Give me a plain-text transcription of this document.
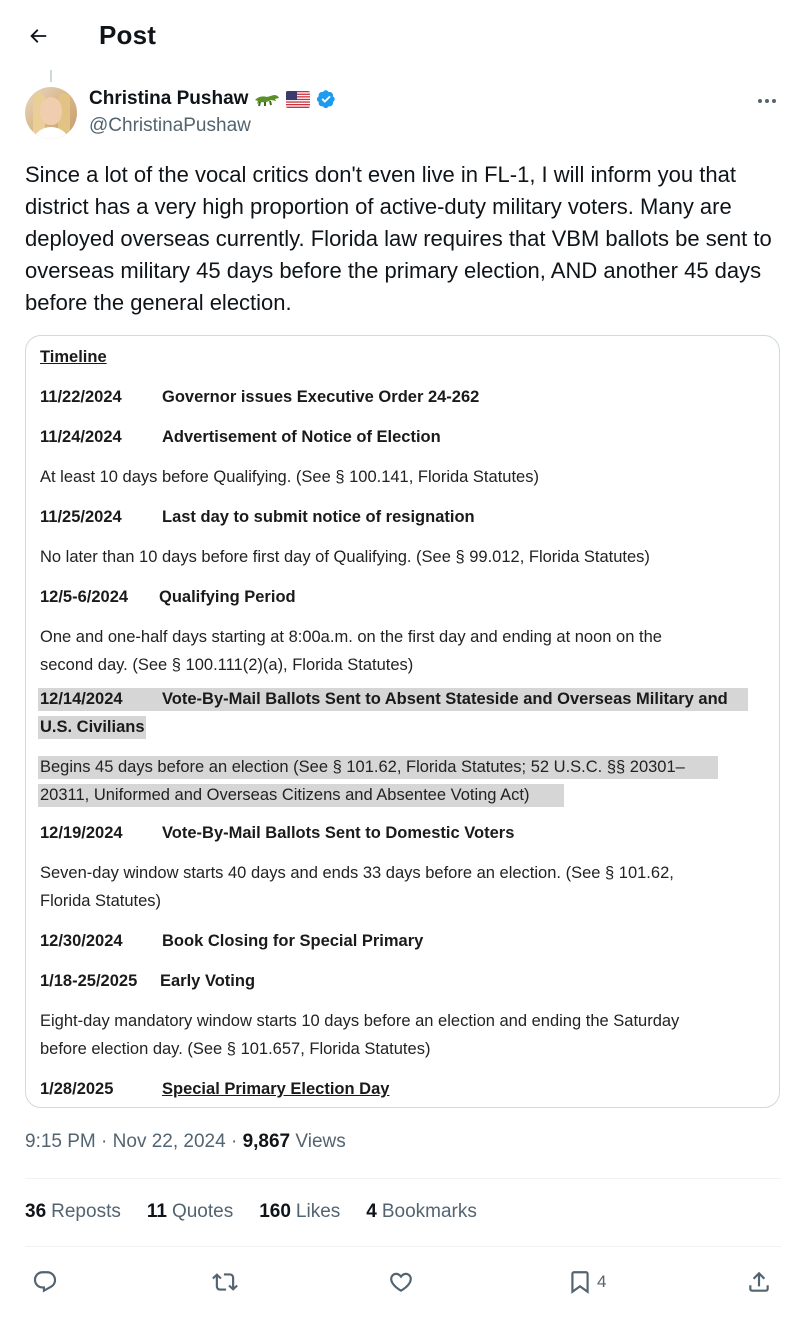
Post
Christina Pushaw
@ChristinaPushaw
Since a lot of the vocal critics don't even live in FL-1, I will inform you that district has a very high proportion of active-duty military voters. Many are deployed overseas currently. Florida law requires that VBM ballots be sent to overseas military 45 days before the primary election, AND another 45 days before the general election.
Timeline
11/22/2024 Governor issues Executive Order 24-262
11/24/2024 Advertisement of Notice of Election
At least 10 days before Qualifying. (See § 100.141, Florida Statutes)
11/25/2024 Last day to submit notice of resignation
No later than 10 days before first day of Qualifying. (See § 99.012, Florida Statutes)
12/5-6/2024 Qualifying Period
One and one-half days starting at 8:00a.m. on the first day and ending at noon on the
second day. (See § 100.111(2)(a), Florida Statutes)
12/14/2024 Vote-By-Mail Ballots Sent to Absent Stateside and Overseas Military and
U.S. Civilians
Begins 45 days before an election (See § 101.62, Florida Statutes; 52 U.S.C. §§ 20301–
20311, Uniformed and Overseas Citizens and Absentee Voting Act)
12/19/2024 Vote-By-Mail Ballots Sent to Domestic Voters
Seven-day window starts 40 days and ends 33 days before an election. (See § 101.62,
Florida Statutes)
12/30/2024 Book Closing for Special Primary
1/18-25/2025 Early Voting
Eight-day mandatory window starts 10 days before an election and ending the Saturday
before election day. (See § 101.657, Florida Statutes)
1/28/2025	Special Primary Election Day
9:15 PM · Nov 22, 2024 · 9,867 Views
36 Reposts 11 Quotes 160 Likes 4 Bookmarks
4
